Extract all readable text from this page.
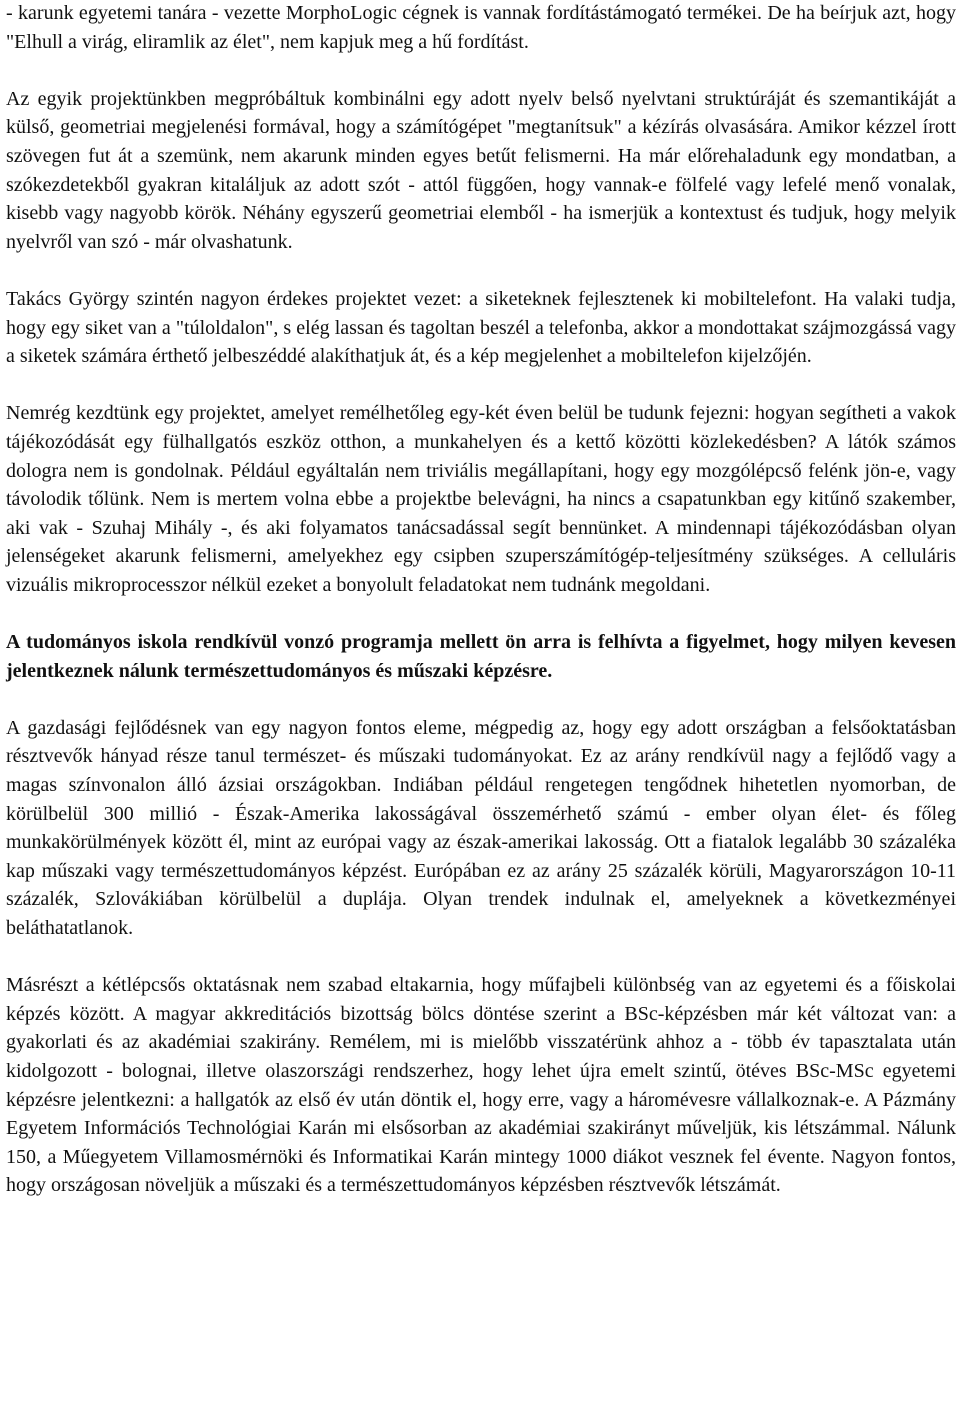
- karunk egyetemi tanára - vezette MorphoLogic cégnek is vannak fordítástámogató termékei. De ha beírjuk azt, hogy "Elhull a virág, eliramlik az élet", nem kapjuk meg a hű fordítást.

Az egyik projektünkben megpróbáltuk kombinálni egy adott nyelv belső nyelvtani struktúráját és szemantikáját a külső, geometriai megjelenési formával, hogy a számítógépet "megtanítsuk" a kézírás olvasására. Amikor kézzel írott szövegen fut át a szemünk, nem akarunk minden egyes betűt felismerni. Ha már előrehaladunk egy mondatban, a szókezdetekből gyakran kitaláljuk az adott szót - attól függően, hogy vannak-e fölfelé vagy lefelé menő vonalak, kisebb vagy nagyobb körök. Néhány egyszerű geometriai elemből - ha ismerjük a kontextust és tudjuk, hogy melyik nyelvről van szó - már olvashatunk.

Takács György szintén nagyon érdekes projektet vezet: a siketeknek fejlesztenek ki mobiltelefont. Ha valaki tudja, hogy egy siket van a "túloldalon", s elég lassan és tagoltan beszél a telefonba, akkor a mondottakat szájmozgássá vagy a siketek számára érthető jelbeszéddé alakíthatjuk át, és a kép megjelenhet a mobiltelefon kijelzőjén.

Nemrég kezdtünk egy projektet, amelyet remélhetőleg egy-két éven belül be tudunk fejezni: hogyan segítheti a vakok tájékozódását egy fülhallgatós eszköz otthon, a munkahelyen és a kettő közötti közlekedésben? A látók számos dologra nem is gondolnak. Például egyáltalán nem triviális megállapítani, hogy egy mozgólépcső felénk jön-e, vagy távolodik tőlünk. Nem is mertem volna ebbe a projektbe belevágni, ha nincs a csapatunkban egy kitűnő szakember, aki vak - Szuhaj Mihály -, és aki folyamatos tanácsadással segít bennünket. A mindennapi tájékozódásban olyan jelenségeket akarunk felismerni, amelyekhez egy csipben szuperszámítógép-teljesítmény szükséges. A celluláris vizuális mikroprocesszor nélkül ezeket a bonyolult feladatokat nem tudnánk megoldani.

A tudományos iskola rendkívül vonzó programja mellett ön arra is felhívta a figyelmet, hogy milyen kevesen jelentkeznek nálunk természettudományos és műszaki képzésre.

A gazdasági fejlődésnek van egy nagyon fontos eleme, mégpedig az, hogy egy adott országban a felsőoktatásban résztvevők hányad része tanul természet- és műszaki tudományokat. Ez az arány rendkívül nagy a fejlődő vagy a magas színvonalon álló ázsiai országokban. Indiában például rengetegen tengődnek hihetetlen nyomorban, de körülbelül 300 millió - Észak-Amerika lakosságával összemérhető számú - ember olyan élet- és főleg munkakörülmények között él, mint az európai vagy az észak-amerikai lakosság. Ott a fiatalok legalább 30 százaléka kap műszaki vagy természettudományos képzést. Európában ez az arány 25 százalék körüli, Magyarországon 10-11 százalék, Szlovákiában körülbelül a duplája. Olyan trendek indulnak el, amelyeknek a következményei beláthatatlanok.

Másrészt a kétlépcsős oktatásnak nem szabad eltakarnia, hogy műfajbeli különbség van az egyetemi és a főiskolai képzés között. A magyar akkreditációs bizottság bölcs döntése szerint a BSc-képzésben már két változat van: a gyakorlati és az akadémiai szakirány. Remélem, mi is mielőbb visszatérünk ahhoz a - több év tapasztalata után kidolgozott - bolognai, illetve olaszországi rendszerhez, hogy lehet újra emelt szintű, ötéves BSc-MSc egyetemi képzésre jelentkezni: a hallgatók az első év után döntik el, hogy erre, vagy a háromévesre vállalkoznak-e. A Pázmány Egyetem Információs Technológiai Karán mi elsősorban az akadémiai szakirányt műveljük, kis létszámmal. Nálunk 150, a Műegyetem Villamosmérnöki és Informatikai Karán mintegy 1000 diákot vesznek fel évente. Nagyon fontos, hogy országosan növeljük a műszaki és a természettudományos képzésben résztvevők létszámát.
